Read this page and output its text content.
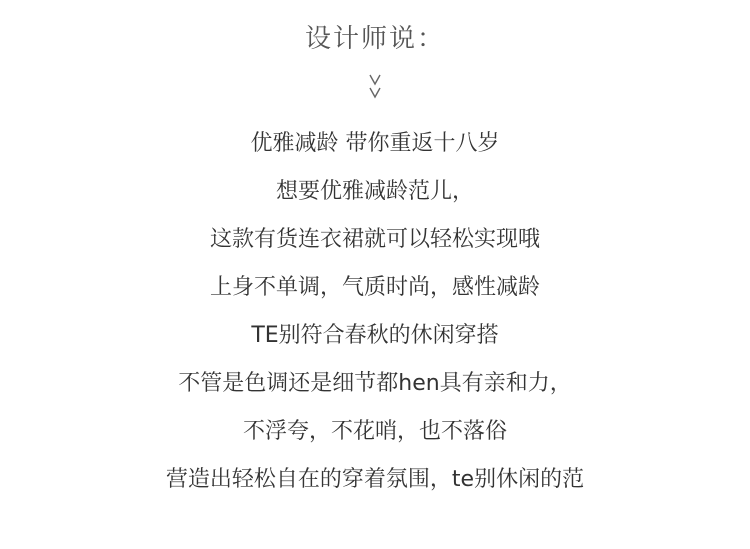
设计师说：
优雅减龄 带你重返十八岁
想要优雅减龄范儿，
这款有货连衣裙就可以轻松实现哦
上身不单调，气质时尚，感性减龄
TE别符合春秋的休闲穿搭
不管是色调还是细节都hen具有亲和力，
不浮夸，不花哨，也不落俗
营造出轻松自在的穿着氛围，te别休闲的范
